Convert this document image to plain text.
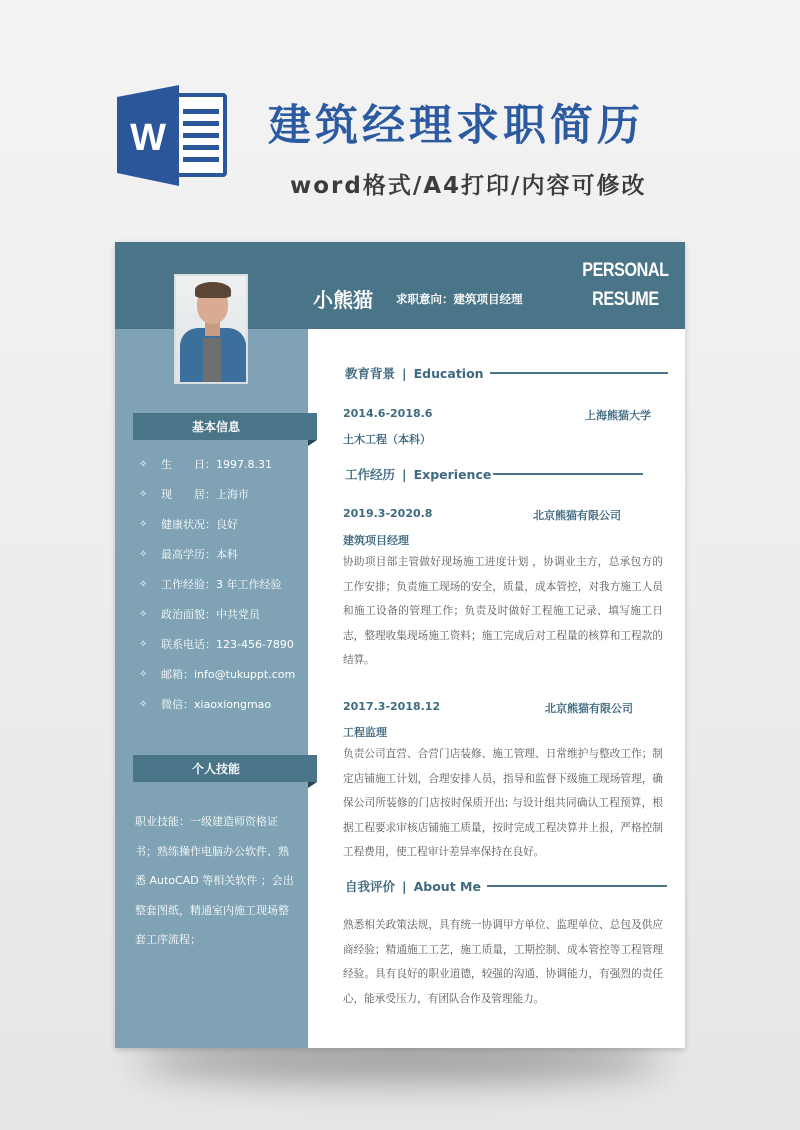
W 建筑经理求职简历
word格式/A4打印/内容可修改
小熊猫 求职意向：建筑项目经理
PERSONAL
RESUME
基本信息
✧	生　　日：1997.8.31
✧	现　　居：上海市
✧	健康状况：良好
✧	最高学历：本科
✧	工作经验：3 年工作经验
✧	政治面貌：中共党员
✧	联系电话：123-456-7890
✧	邮箱：info@tukuppt.com
✧	微信：xiaoxiongmao
个人技能
职业技能：一级建造师资格证书；熟练操作电脑办公软件、熟悉 AutoCAD 等相关软件 ；会出整套图纸，精通室内施工现场整套工序流程；
教育背景 | Education
2014.6-2018.6	上海熊猫大学
土木工程（本科）
工作经历 | Experience
2019.3-2020.8	北京熊猫有限公司
建筑项目经理
协助项目部主管做好现场施工进度计划 ，协调业主方，总承包方的工作安排；负责施工现场的安全，质量，成本管控，对我方施工人员和施工设备的管理工作；负责及时做好工程施工记录、填写施工日志，整理收集现场施工资料；施工完成后对工程量的核算和工程款的结算。
2017.3-2018.12	北京熊猫有限公司
工程监理
负责公司直营、合营门店装修、施工管理、日常维护与整改工作；制定店铺施工计划，合理安排人员，指导和监督下级施工现场管理，确保公司所装修的门店按时保质开出; 与设计组共同确认工程预算，根据工程要求审核店铺施工质量，按时完成工程决算并上报，严格控制工程费用，使工程审计差异率保持在良好。
自我评价 | About Me
熟悉相关政策法规，具有统一协调甲方单位、监理单位、总包及供应商经验；精通施工工艺，施工质量，工期控制、成本管控等工程管理经验。具有良好的职业道德，较强的沟通、协调能力，有强烈的责任心，能承受压力，有团队合作及管理能力。
